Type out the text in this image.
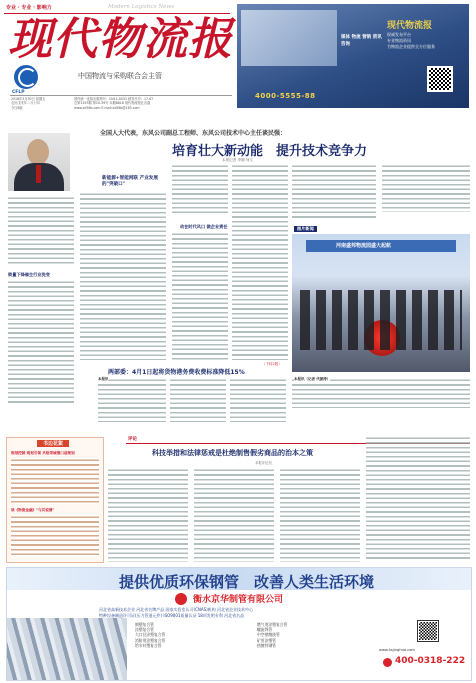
专业 · 专业 · 影响力	Modern Logistics News
现代物流报
CFLP
中国物流与采购联合会主管
2018年3月30日 星期五
农历戊戌年二月十四
今日8版
国内统一连续出版物号：CN11-0031 邮发代号：17-67
总第3193期 第10-39号 本期8818 现代物流报社出版
www.xd56b.com E-mail:xd56b@163.com
现代物流报
权威发布平台
专业物流资讯
为物流企业提供全方位服务
媒体 物流 营销 资讯 咨询
4000-5555-88
全国人大代表，东风公司副总工程师、东风公司技术中心主任谈民强：
培育壮大新动能　提升技术竞争力
本报记者 李刚 何文
锁量下降催生行业洗变
新能源+智能网联 产业发展的"突破口"
动在时代风口 做企业责任
（下转2版）
图片新闻
河南盛邦物流园盛大起航
本报讯（记者 代振涛）
两部委：4月1日起将货物港务费收费标准降低15%
本报讯
书边花絮
规划控制 规划引领 共绘荣城清口前规划
谈《物流金融》"与其说清"
评论
科技举措和法律惩戒是杜绝制售假劣商品的治本之策
本报评论员
提供优质环保钢管　改善人类生活环境
衡水京华制管有限公司
河北省高新技术企业 河北省名牌产品 国家实验室认可(CNAS)机构 河北省企业技术中心
特种设备制造许可证(压力管道元件) ISO9001质量认证 18项发明专利 河北省名品
钢塑复合管
涂塑复合管
大口径涂塑复合管
消防用涂塑复合管
给水衬塑复合管
燃气用涂塑复合管
螺旋焊管
中空壁缠绕管
矿用涂塑管
热镀锌钢管
www.hsjinghua.com
400-0318-222
